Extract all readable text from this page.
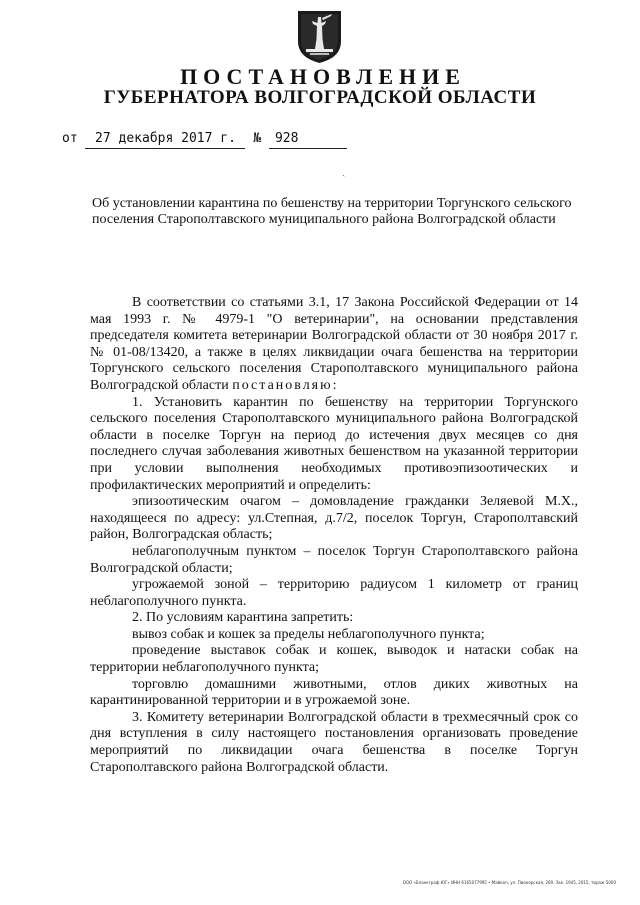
ПОСТАНОВЛЕНИЕ
ГУБЕРНАТОРА ВОЛГОГРАДСКОЙ ОБЛАСТИ
от 27 декабря 2017 г. № 928
ˎ
Об установлении карантина по бешенству на территории Торгунского сельского поселения Старополтавского муниципального района Волгоградской области

В соответствии со статьями 3.1, 17 Закона Российской Федерации от 14 мая 1993 г. № 4979-1 "О ветеринарии", на основании представления председателя комитета ветеринарии Волгоградской области от 30 ноября 2017 г. № 01-08/13420, а также в целях ликвидации очага бешенства на территории Торгунского сельского поселения Старополтавского муниципального района Волгоградской области постановляю:

1. Установить карантин по бешенству на территории Торгунского сельского поселения Старополтавского муниципального района Волгоградской области в поселке Торгун на период до истечения двух месяцев со дня последнего случая заболевания животных бешенством на указанной территории при условии выполнения необходимых противоэпизоотических и профилактических мероприятий и определить:

эпизоотическим очагом – домовладение гражданки Зеляевой М.Х., находящееся по адресу: ул.Степная, д.7/2, поселок Торгун, Старополтавский район, Волгоградская область;

неблагополучным пунктом – поселок Торгун Старополтавского района Волгоградской области;

угрожаемой зоной – территорию радиусом 1 километр от границ неблагополучного пункта.

2. По условиям карантина запретить:

вывоз собак и кошек за пределы неблагополучного пункта;

проведение выставок собак и кошек, выводок и натаски собак на территории неблагополучного пункта;

торговлю домашними животными, отлов диких животных на карантинированной территории и в угрожаемой зоне.

3. Комитету ветеринарии Волгоградской области в трехмесячный срок со дня вступления в силу настоящего постановления организовать проведение мероприятий по ликвидации очага бешенства в поселке Торгун Старополтавского района Волгоградской области.

ООО «Бланкграф-ЮГ» ИНН 6165077995 • Майкоп, ул. Пионерская, 269. Зак. 1945, 2015, тираж 5000
